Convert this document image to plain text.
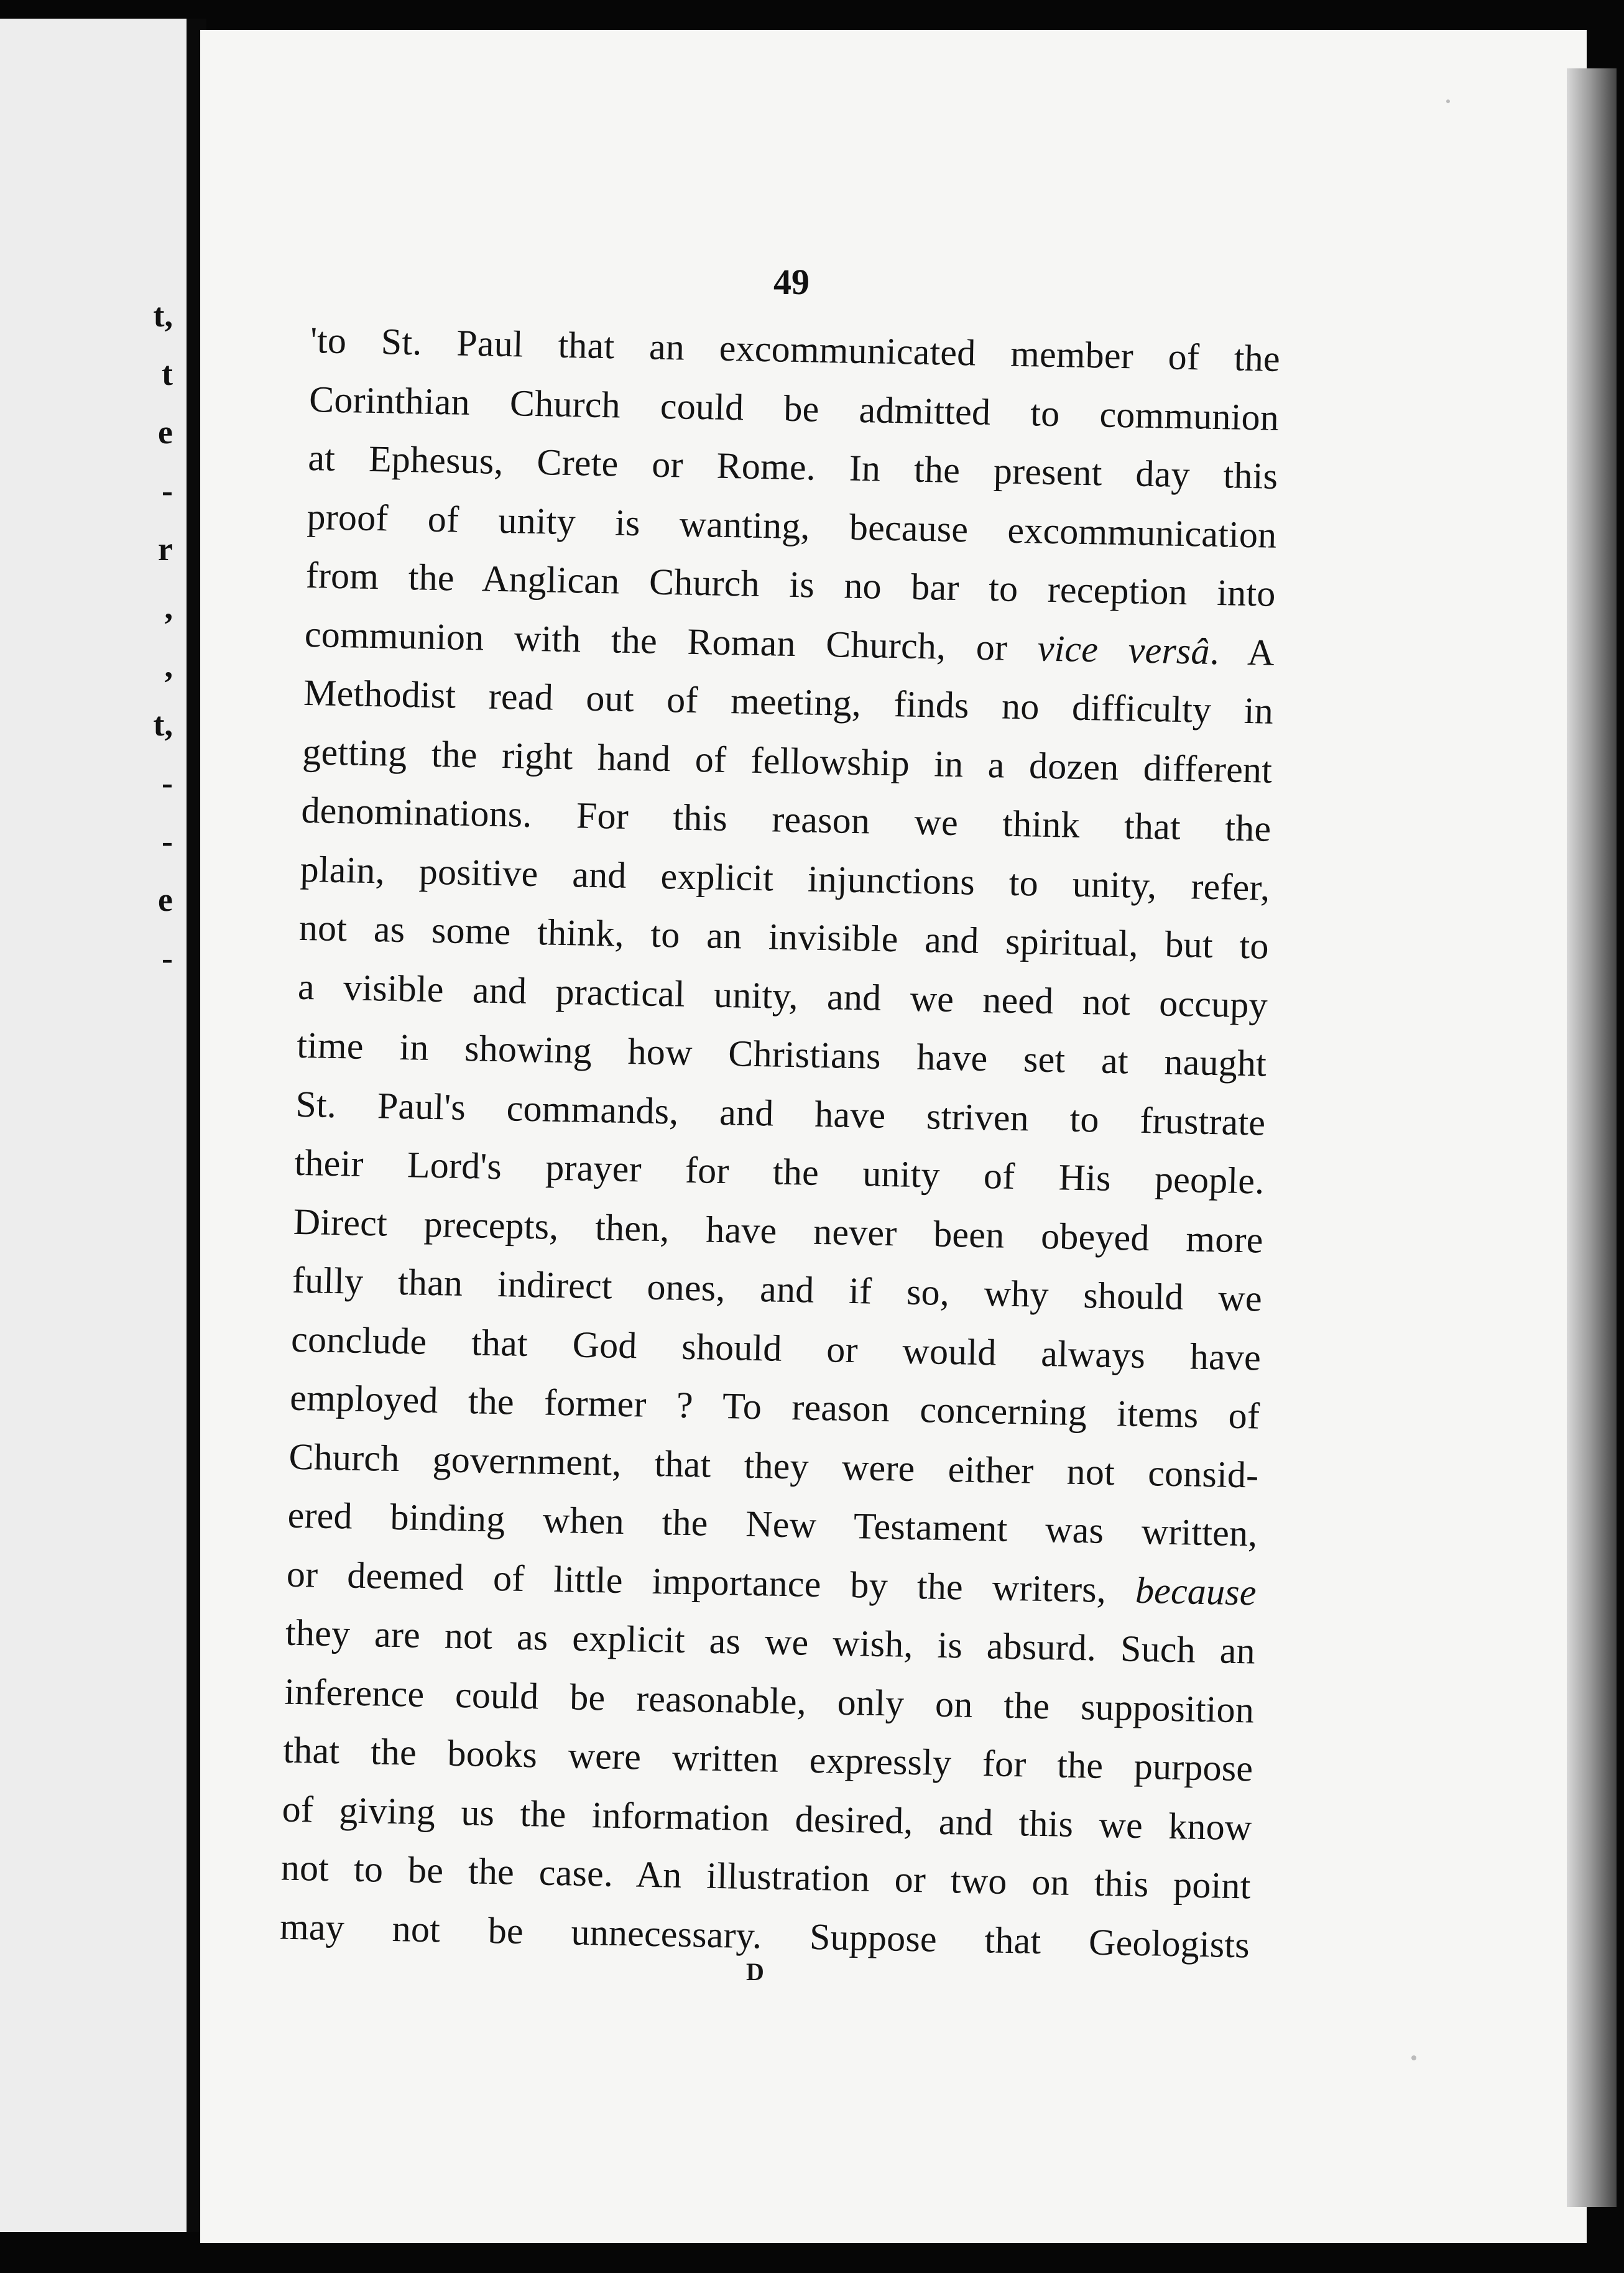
t,
t
e
-
r
,
,
t,
-
-
e
-
49
'to St. Paul that an excommunicated member of the
Corinthian Church could be admitted to communion
at Ephesus, Crete or Rome. In the present day this
proof of unity is wanting, because excommunication
from the Anglican Church is no bar to reception into
communion with the Roman Church, or vice versâ. A
Methodist read out of meeting, finds no difficulty in
getting the right hand of fellowship in a dozen different
denominations. For this reason we think that the
plain, positive and explicit injunctions to unity, refer,
not as some think, to an invisible and spiritual, but to
a visible and practical unity, and we need not occupy
time in showing how Christians have set at naught
St. Paul's commands, and have striven to frustrate
their Lord's prayer for the unity of His people.
Direct precepts, then, have never been obeyed more
fully than indirect ones, and if so, why should we
conclude that God should or would always have
employed the former ? To reason concerning items of
Church government, that they were either not consid-
ered binding when the New Testament was written,
or deemed of little importance by the writers, because
they are not as explicit as we wish, is absurd. Such an
inference could be reasonable, only on the supposition
that the books were written expressly for the purpose
of giving us the information desired, and this we know
not to be the case. An illustration or two on this point
may not be unnecessary. Suppose that Geologists
D
